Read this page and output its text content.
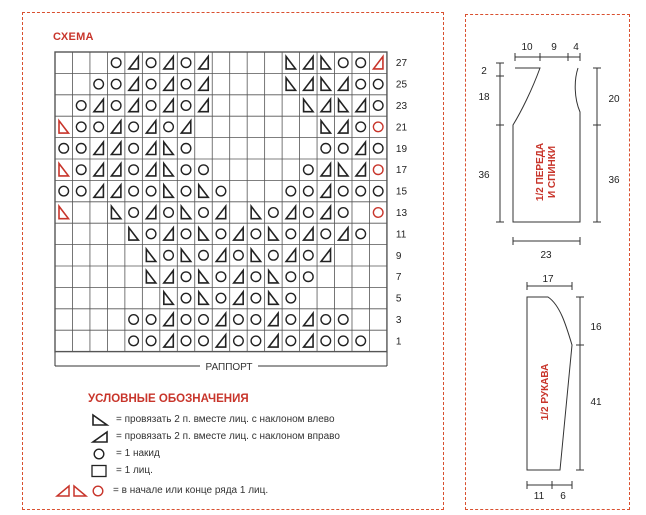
СХЕМА
27
25
23
21
19
17
15
13
11
9
7
5
3
1
РАППОРТ
10 9 4
2
18
36
20
36
23
1/2 ПЕРЕДА И СПИНКИ
17
16
41
11 6
1/2 РУКАВА
УСЛОВНЫЕ ОБОЗНАЧЕНИЯ
= провязать 2 п. вместе лиц. с наклоном влево
= провязать 2 п. вместе лиц. с наклоном вправо
= 1 накид
= 1 лиц.
= в начале или конце ряда 1 лиц.
